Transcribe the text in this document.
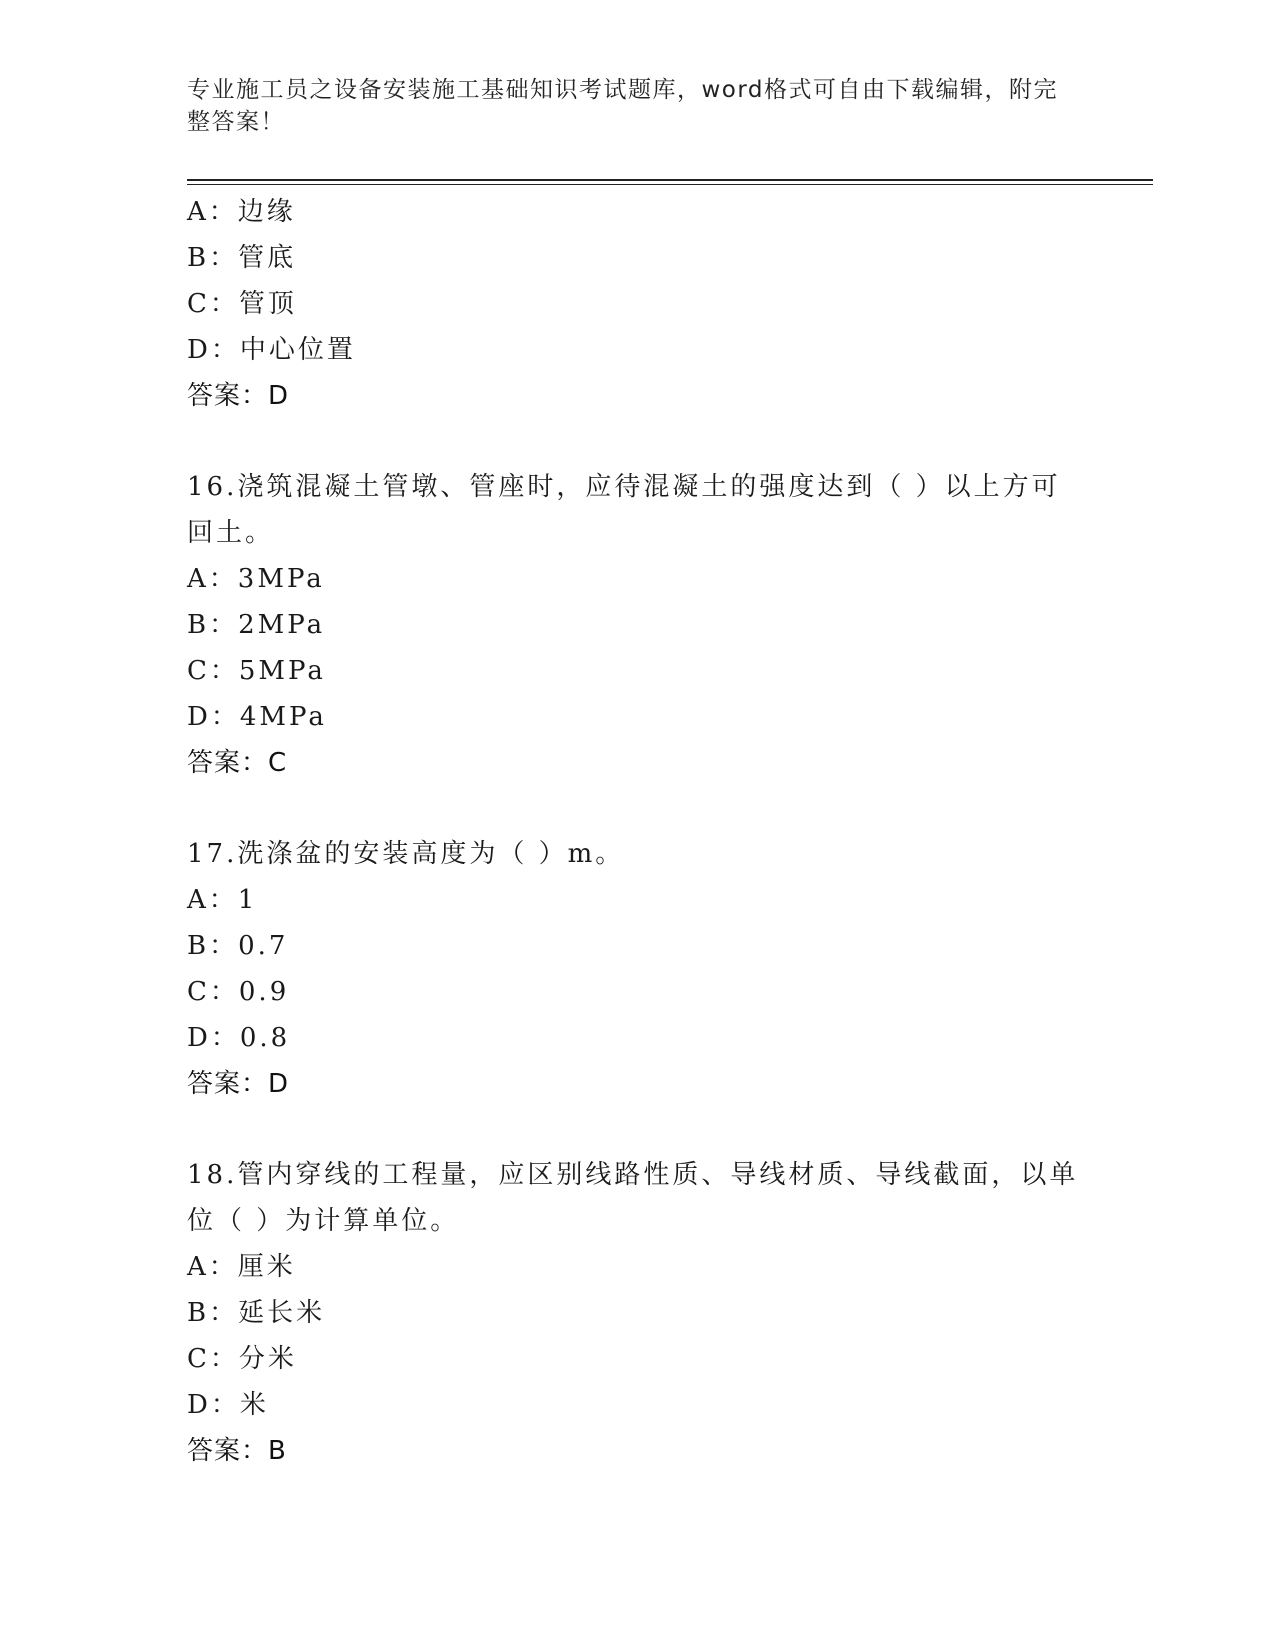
专业施工员之设备安装施工基础知识考试题库，word格式可自由下载编辑，附完
整答案！
A：边缘
B：管底
C：管顶
D：中心位置
答案：D
16.浇筑混凝土管墩、管座时，应待混凝土的强度达到（ ）以上方可
回土。
A：3MPa
B：2MPa
C：5MPa
D：4MPa
答案：C
17.洗涤盆的安装高度为（ ）m。
A：1
B：0.7
C：0.9
D：0.8
答案：D
18.管内穿线的工程量，应区别线路性质、导线材质、导线截面，以单
位（ ）为计算单位。
A：厘米
B：延长米
C：分米
D：米
答案：B
